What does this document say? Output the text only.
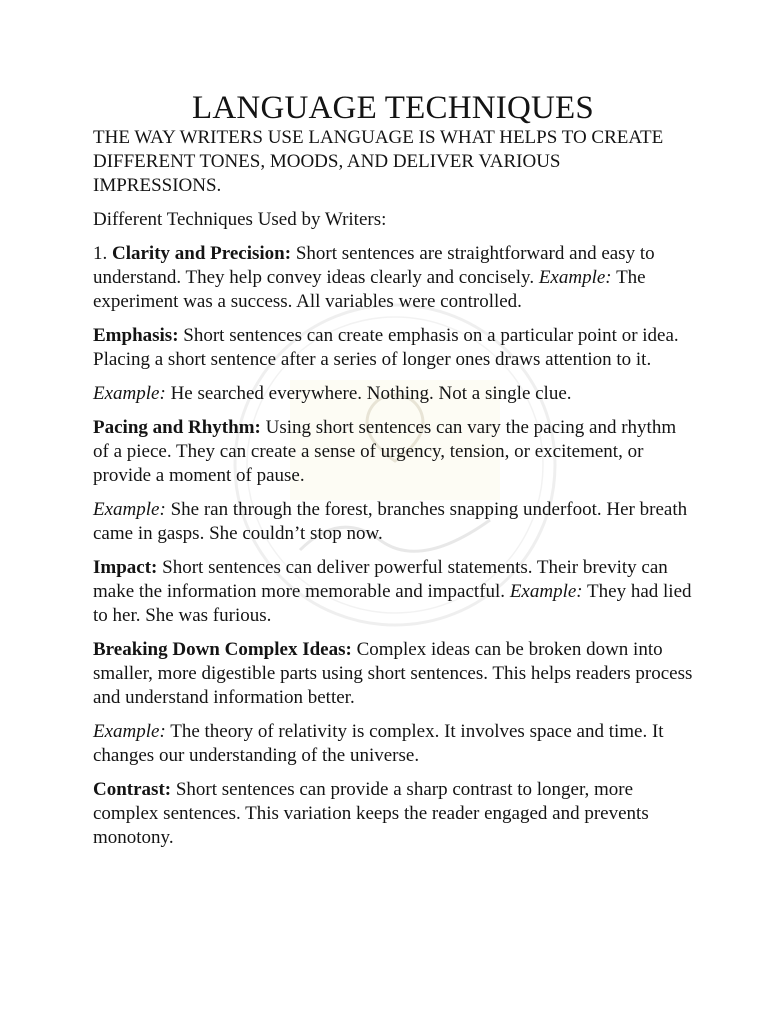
LANGUAGE TECHNIQUES

THE WAY WRITERS USE LANGUAGE IS WHAT HELPS TO CREATE DIFFERENT TONES, MOODS, AND DELIVER VARIOUS IMPRESSIONS.

Different Techniques Used by Writers:

1. Clarity and Precision: Short sentences are straightforward and easy to understand. They help convey ideas clearly and concisely. Example: The experiment was a success. All variables were controlled.

Emphasis: Short sentences can create emphasis on a particular point or idea. Placing a short sentence after a series of longer ones draws attention to it.

Example: He searched everywhere. Nothing. Not a single clue.

Pacing and Rhythm: Using short sentences can vary the pacing and rhythm of a piece. They can create a sense of urgency, tension, or excitement, or provide a moment of pause.

Example: She ran through the forest, branches snapping underfoot. Her breath came in gasps. She couldn’t stop now.

Impact: Short sentences can deliver powerful statements. Their brevity can make the information more memorable and impactful. Example: They had lied to her. She was furious.

Breaking Down Complex Ideas: Complex ideas can be broken down into smaller, more digestible parts using short sentences. This helps readers process and understand information better.

Example: The theory of relativity is complex. It involves space and time. It changes our understanding of the universe.

Contrast: Short sentences can provide a sharp contrast to longer, more complex sentences. This variation keeps the reader engaged and prevents monotony.
